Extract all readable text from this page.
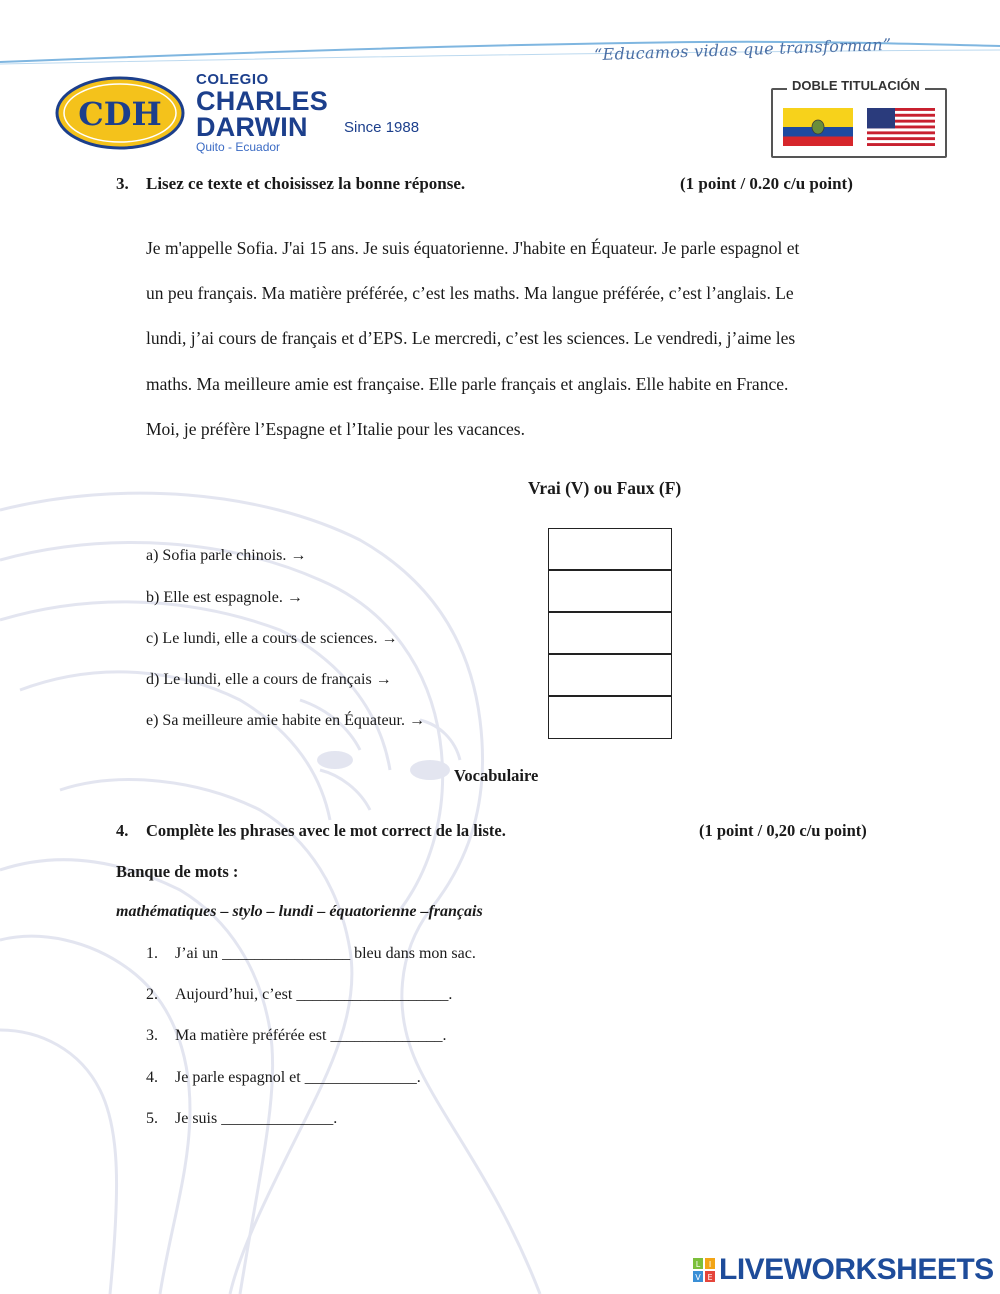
“Educamos vidas que transforman”
CDH
COLEGIO
CHARLES
DARWIN
Quito - Ecuador
Since 1988
DOBLE TITULACIÓN
3. Lisez ce texte et choisissez la bonne réponse.	(1 point / 0.20 c/u point)
Je m'appelle Sofia. J'ai 15 ans. Je suis équatorienne. J'habite en Équateur. Je parle espagnol et
un peu français. Ma matière préférée, c’est les maths. Ma langue préférée, c’est l’anglais. Le
lundi, j’ai cours de français et d’EPS. Le mercredi, c’est les sciences. Le vendredi, j’aime les
maths. Ma meilleure amie est française. Elle parle français et anglais. Elle habite en France.
Moi, je préfère l’Espagne et l’Italie pour les vacances.
Vrai (V) ou Faux (F)
a) Sofia parle chinois. →
b) Elle est espagnole. →
c) Le lundi, elle a cours de sciences. →
d) Le lundi, elle a cours de français →
e) Sa meilleure amie habite en Équateur. →
Vocabulaire
4. Complète les phrases avec le mot correct de la liste.	(1 point / 0,20 c/u point)
Banque de mots :
mathématiques – stylo – lundi – équatorienne –français
1. J’ai un ________________ bleu dans mon sac.
2. Aujourd’hui, c’est ___________________.
3. Ma matière préférée est ______________.
4. Je parle espagnol et ______________.
5. Je suis ______________.
L I
V E LIVEWORKSHEETS
